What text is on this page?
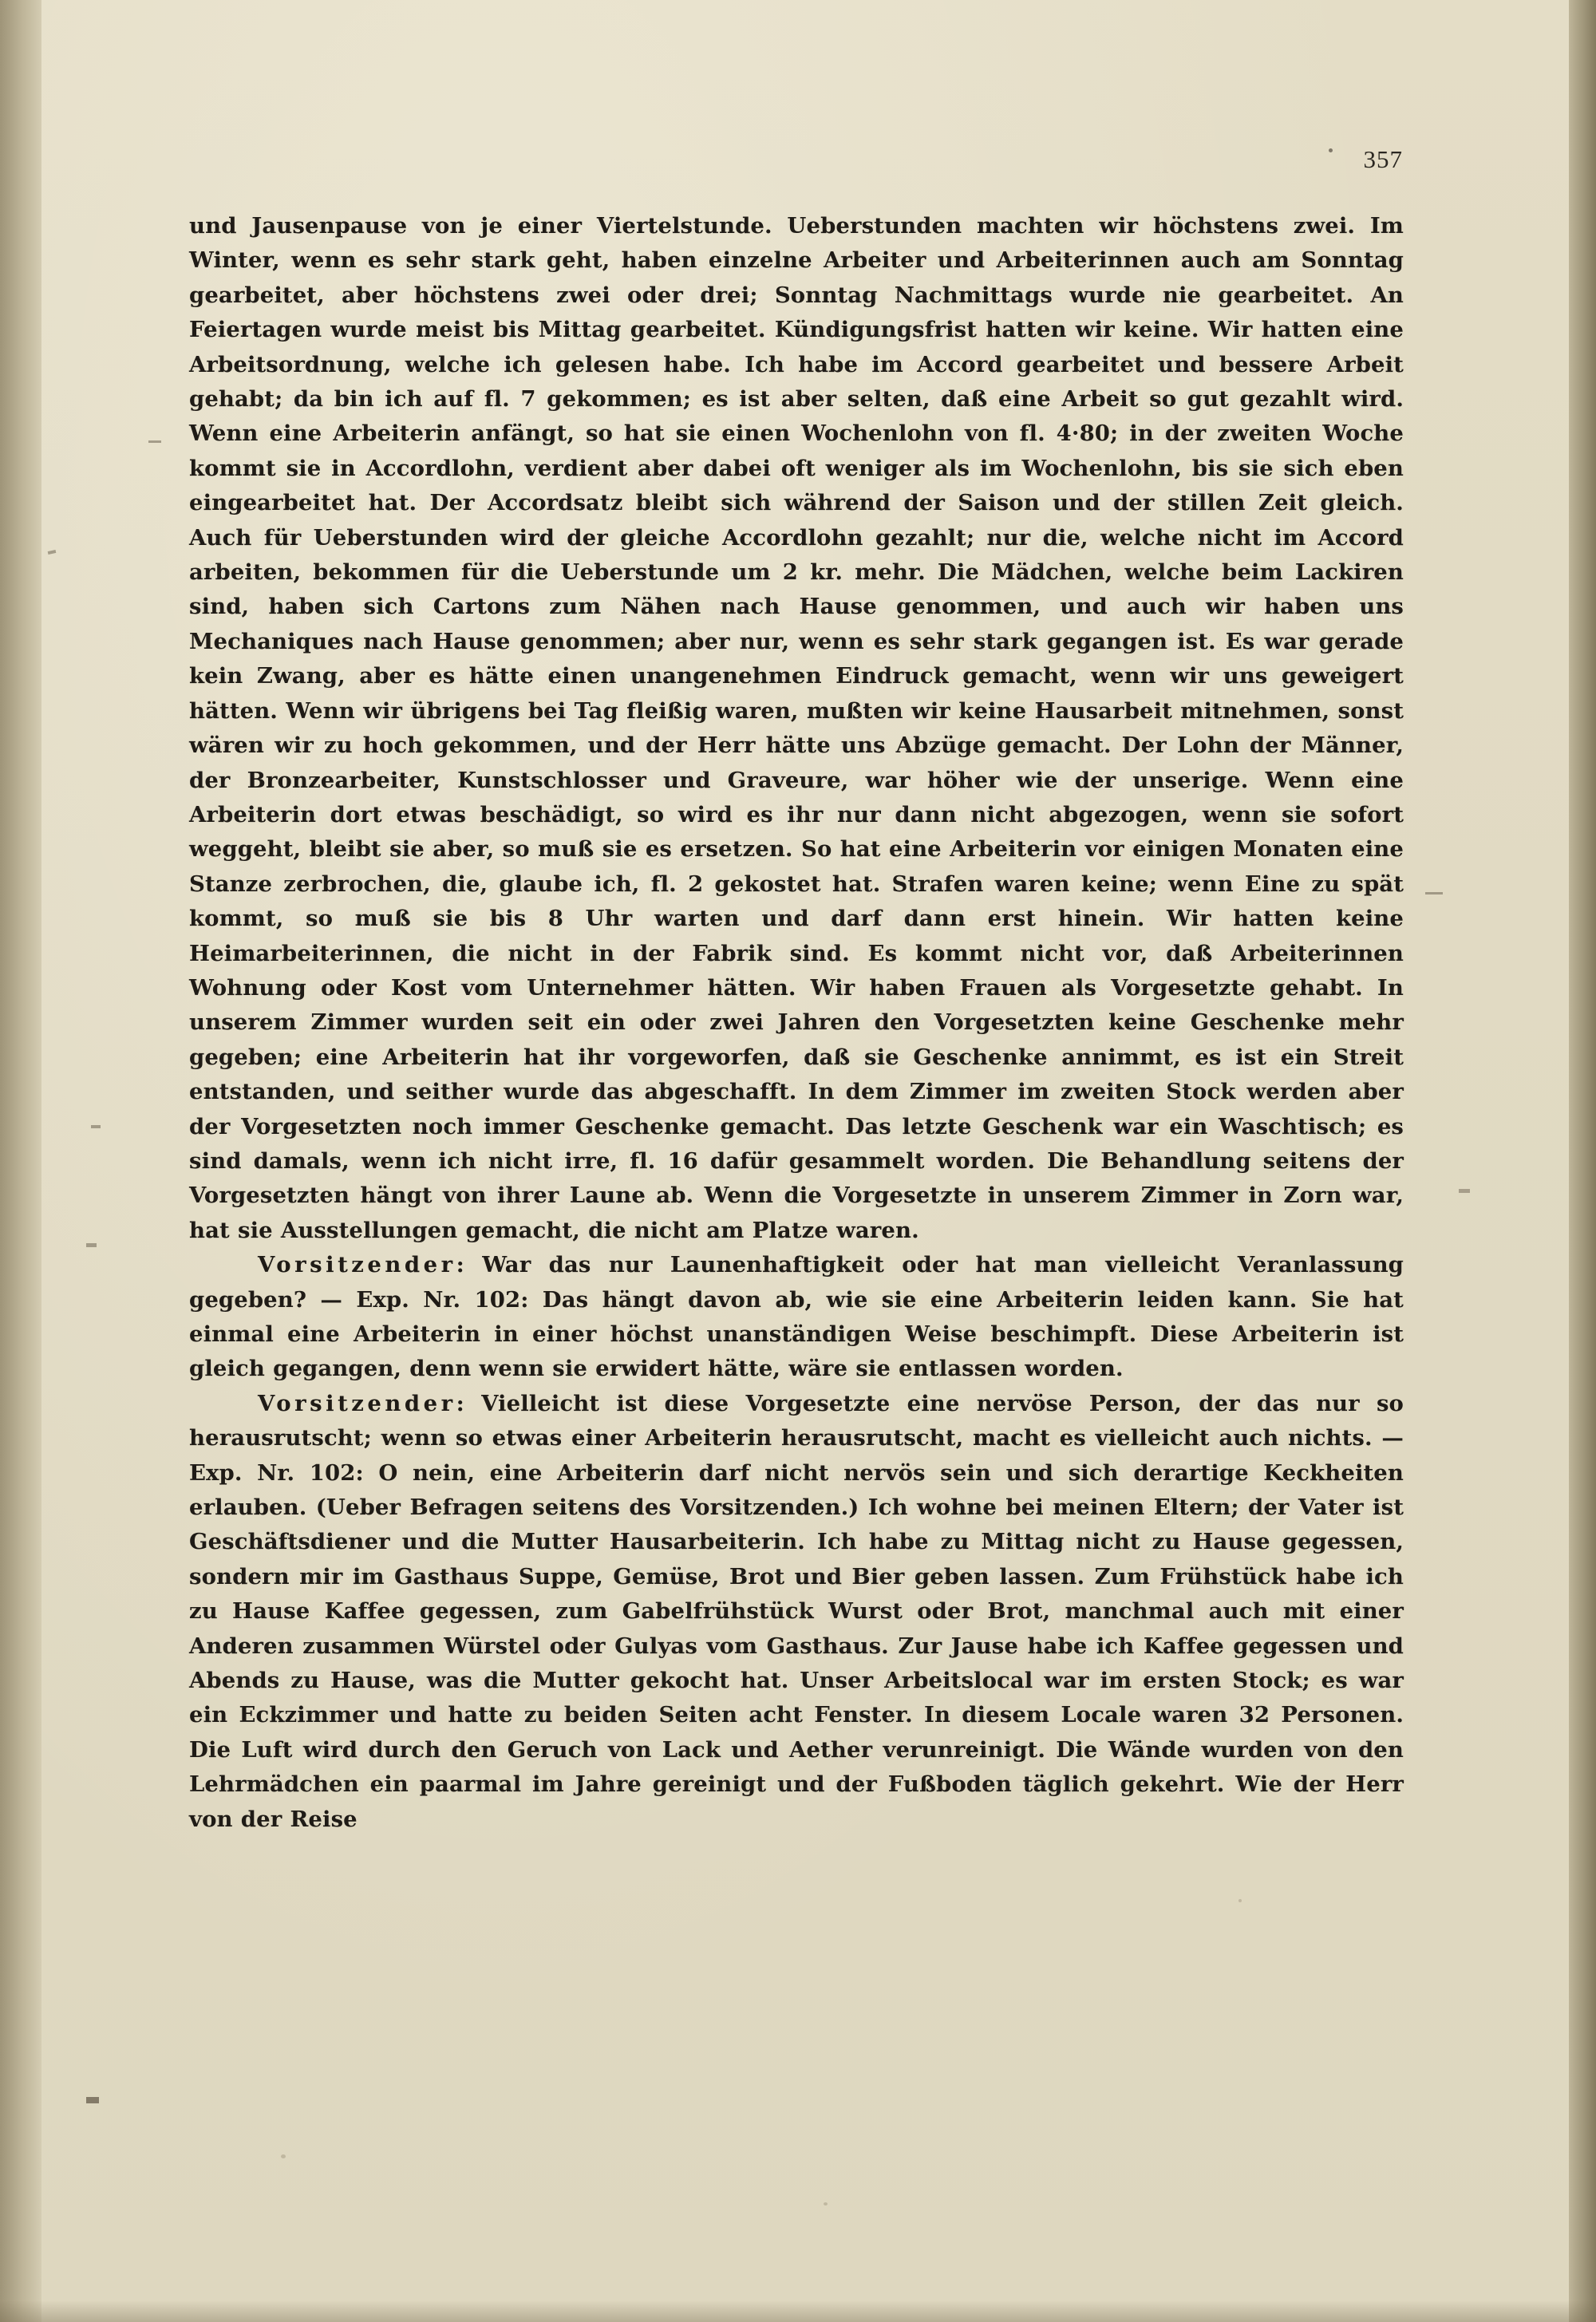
357

und Jausenpause von je einer Viertelstunde. Ueberstunden machten wir höchstens zwei. Im Winter, wenn es sehr stark geht, haben einzelne Arbeiter und Arbeiterinnen auch am Sonntag gearbeitet, aber höchstens zwei oder drei; Sonntag Nachmittags wurde nie gearbeitet. An Feiertagen wurde meist bis Mittag gearbeitet. Kündigungsfrist hatten wir keine. Wir hatten eine Arbeitsordnung, welche ich gelesen habe. Ich habe im Accord gearbeitet und bessere Arbeit gehabt; da bin ich auf fl. 7 gekommen; es ist aber selten, daß eine Arbeit so gut gezahlt wird. Wenn eine Arbeiterin anfängt, so hat sie einen Wochenlohn von fl. 4·80; in der zweiten Woche kommt sie in Accordlohn, verdient aber dabei oft weniger als im Wochenlohn, bis sie sich eben eingearbeitet hat. Der Accordsatz bleibt sich während der Saison und der stillen Zeit gleich. Auch für Ueberstunden wird der gleiche Accordlohn gezahlt; nur die, welche nicht im Accord arbeiten, bekommen für die Ueberstunde um 2 kr. mehr. Die Mädchen, welche beim Lackiren sind, haben sich Cartons zum Nähen nach Hause genommen, und auch wir haben uns Mechaniques nach Hause genommen; aber nur, wenn es sehr stark gegangen ist. Es war gerade kein Zwang, aber es hätte einen unangenehmen Eindruck gemacht, wenn wir uns geweigert hätten. Wenn wir übrigens bei Tag fleißig waren, mußten wir keine Hausarbeit mitnehmen, sonst wären wir zu hoch gekommen, und der Herr hätte uns Abzüge gemacht. Der Lohn der Männer, der Bronzearbeiter, Kunstschlosser und Graveure, war höher wie der unserige. Wenn eine Arbeiterin dort etwas beschädigt, so wird es ihr nur dann nicht abgezogen, wenn sie sofort weggeht, bleibt sie aber, so muß sie es ersetzen. So hat eine Arbeiterin vor einigen Monaten eine Stanze zerbrochen, die, glaube ich, fl. 2 gekostet hat. Strafen waren keine; wenn Eine zu spät kommt, so muß sie bis 8 Uhr warten und darf dann erst hinein. Wir hatten keine Heimarbeiterinnen, die nicht in der Fabrik sind. Es kommt nicht vor, daß Arbeiterinnen Wohnung oder Kost vom Unternehmer hätten. Wir haben Frauen als Vorgesetzte gehabt. In unserem Zimmer wurden seit ein oder zwei Jahren den Vorgesetzten keine Geschenke mehr gegeben; eine Arbeiterin hat ihr vorgeworfen, daß sie Geschenke annimmt, es ist ein Streit entstanden, und seither wurde das abgeschafft. In dem Zimmer im zweiten Stock werden aber der Vorgesetzten noch immer Geschenke gemacht. Das letzte Geschenk war ein Waschtisch; es sind damals, wenn ich nicht irre, fl. 16 dafür gesammelt worden. Die Behandlung seitens der Vorgesetzten hängt von ihrer Laune ab. Wenn die Vorgesetzte in unserem Zimmer in Zorn war, hat sie Ausstellungen gemacht, die nicht am Platze waren.

Vorsitzender: War das nur Launenhaftigkeit oder hat man vielleicht Veranlassung gegeben? — Exp. Nr. 102: Das hängt davon ab, wie sie eine Arbeiterin leiden kann. Sie hat einmal eine Arbeiterin in einer höchst unanständigen Weise beschimpft. Diese Arbeiterin ist gleich gegangen, denn wenn sie erwidert hätte, wäre sie entlassen worden.

Vorsitzender: Vielleicht ist diese Vorgesetzte eine nervöse Person, der das nur so herausrutscht; wenn so etwas einer Arbeiterin herausrutscht, macht es vielleicht auch nichts. — Exp. Nr. 102: O nein, eine Arbeiterin darf nicht nervös sein und sich derartige Keckheiten erlauben. (Ueber Befragen seitens des Vorsitzenden.) Ich wohne bei meinen Eltern; der Vater ist Geschäftsdiener und die Mutter Hausarbeiterin. Ich habe zu Mittag nicht zu Hause gegessen, sondern mir im Gasthaus Suppe, Gemüse, Brot und Bier geben lassen. Zum Frühstück habe ich zu Hause Kaffee gegessen, zum Gabelfrühstück Wurst oder Brot, manchmal auch mit einer Anderen zusammen Würstel oder Gulyas vom Gasthaus. Zur Jause habe ich Kaffee gegessen und Abends zu Hause, was die Mutter gekocht hat. Unser Arbeitslocal war im ersten Stock; es war ein Eckzimmer und hatte zu beiden Seiten acht Fenster. In diesem Locale waren 32 Personen. Die Luft wird durch den Geruch von Lack und Aether verunreinigt. Die Wände wurden von den Lehrmädchen ein paarmal im Jahre gereinigt und der Fußboden täglich gekehrt. Wie der Herr von der Reise
